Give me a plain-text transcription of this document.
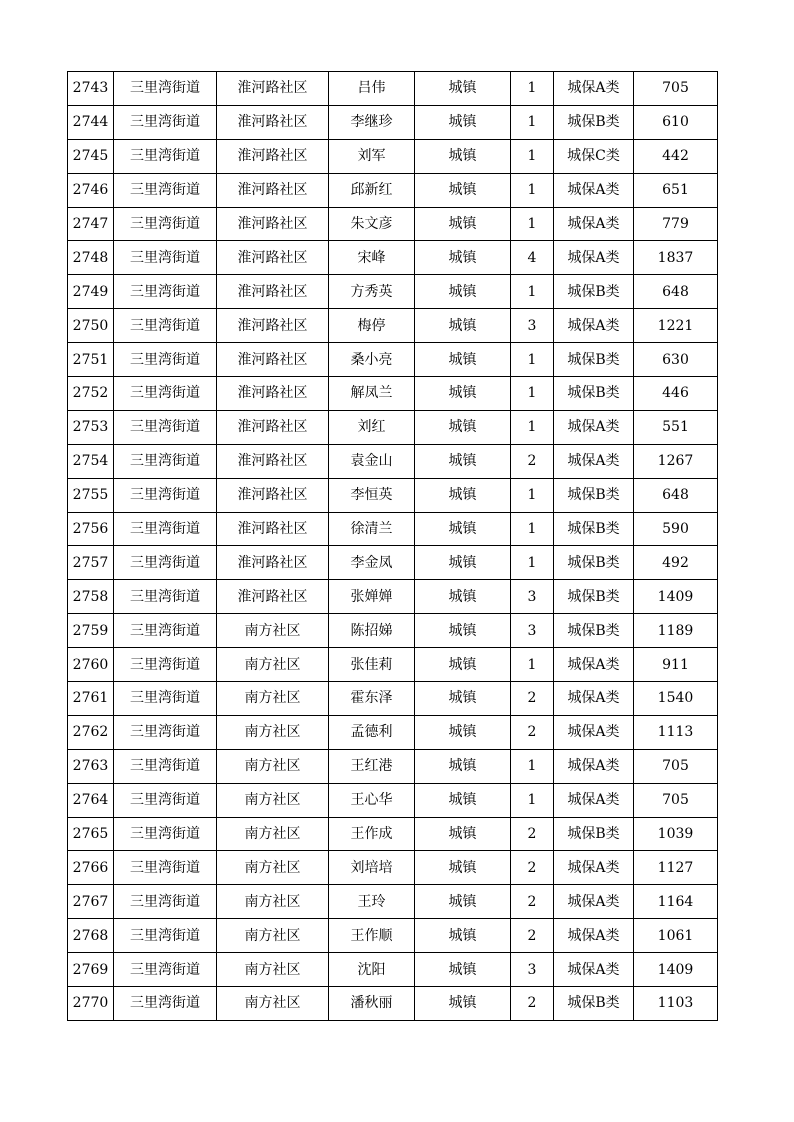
2743	三里湾街道	淮河路社区	吕伟	城镇	1	城保A类	705
2744	三里湾街道	淮河路社区	李继珍	城镇	1	城保B类	610
2745	三里湾街道	淮河路社区	刘军	城镇	1	城保C类	442
2746	三里湾街道	淮河路社区	邱新红	城镇	1	城保A类	651
2747	三里湾街道	淮河路社区	朱文彦	城镇	1	城保A类	779
2748	三里湾街道	淮河路社区	宋峰	城镇	4	城保A类	1837
2749	三里湾街道	淮河路社区	方秀英	城镇	1	城保B类	648
2750	三里湾街道	淮河路社区	梅停	城镇	3	城保A类	1221
2751	三里湾街道	淮河路社区	桑小亮	城镇	1	城保B类	630
2752	三里湾街道	淮河路社区	解凤兰	城镇	1	城保B类	446
2753	三里湾街道	淮河路社区	刘红	城镇	1	城保A类	551
2754	三里湾街道	淮河路社区	袁金山	城镇	2	城保A类	1267
2755	三里湾街道	淮河路社区	李恒英	城镇	1	城保B类	648
2756	三里湾街道	淮河路社区	徐清兰	城镇	1	城保B类	590
2757	三里湾街道	淮河路社区	李金凤	城镇	1	城保B类	492
2758	三里湾街道	淮河路社区	张婵婵	城镇	3	城保B类	1409
2759	三里湾街道	南方社区	陈招娣	城镇	3	城保B类	1189
2760	三里湾街道	南方社区	张佳莉	城镇	1	城保A类	911
2761	三里湾街道	南方社区	霍东泽	城镇	2	城保A类	1540
2762	三里湾街道	南方社区	孟德利	城镇	2	城保A类	1113
2763	三里湾街道	南方社区	王红港	城镇	1	城保A类	705
2764	三里湾街道	南方社区	王心华	城镇	1	城保A类	705
2765	三里湾街道	南方社区	王作成	城镇	2	城保B类	1039
2766	三里湾街道	南方社区	刘培培	城镇	2	城保A类	1127
2767	三里湾街道	南方社区	王玲	城镇	2	城保A类	1164
2768	三里湾街道	南方社区	王作顺	城镇	2	城保A类	1061
2769	三里湾街道	南方社区	沈阳	城镇	3	城保A类	1409
2770	三里湾街道	南方社区	潘秋丽	城镇	2	城保B类	1103
